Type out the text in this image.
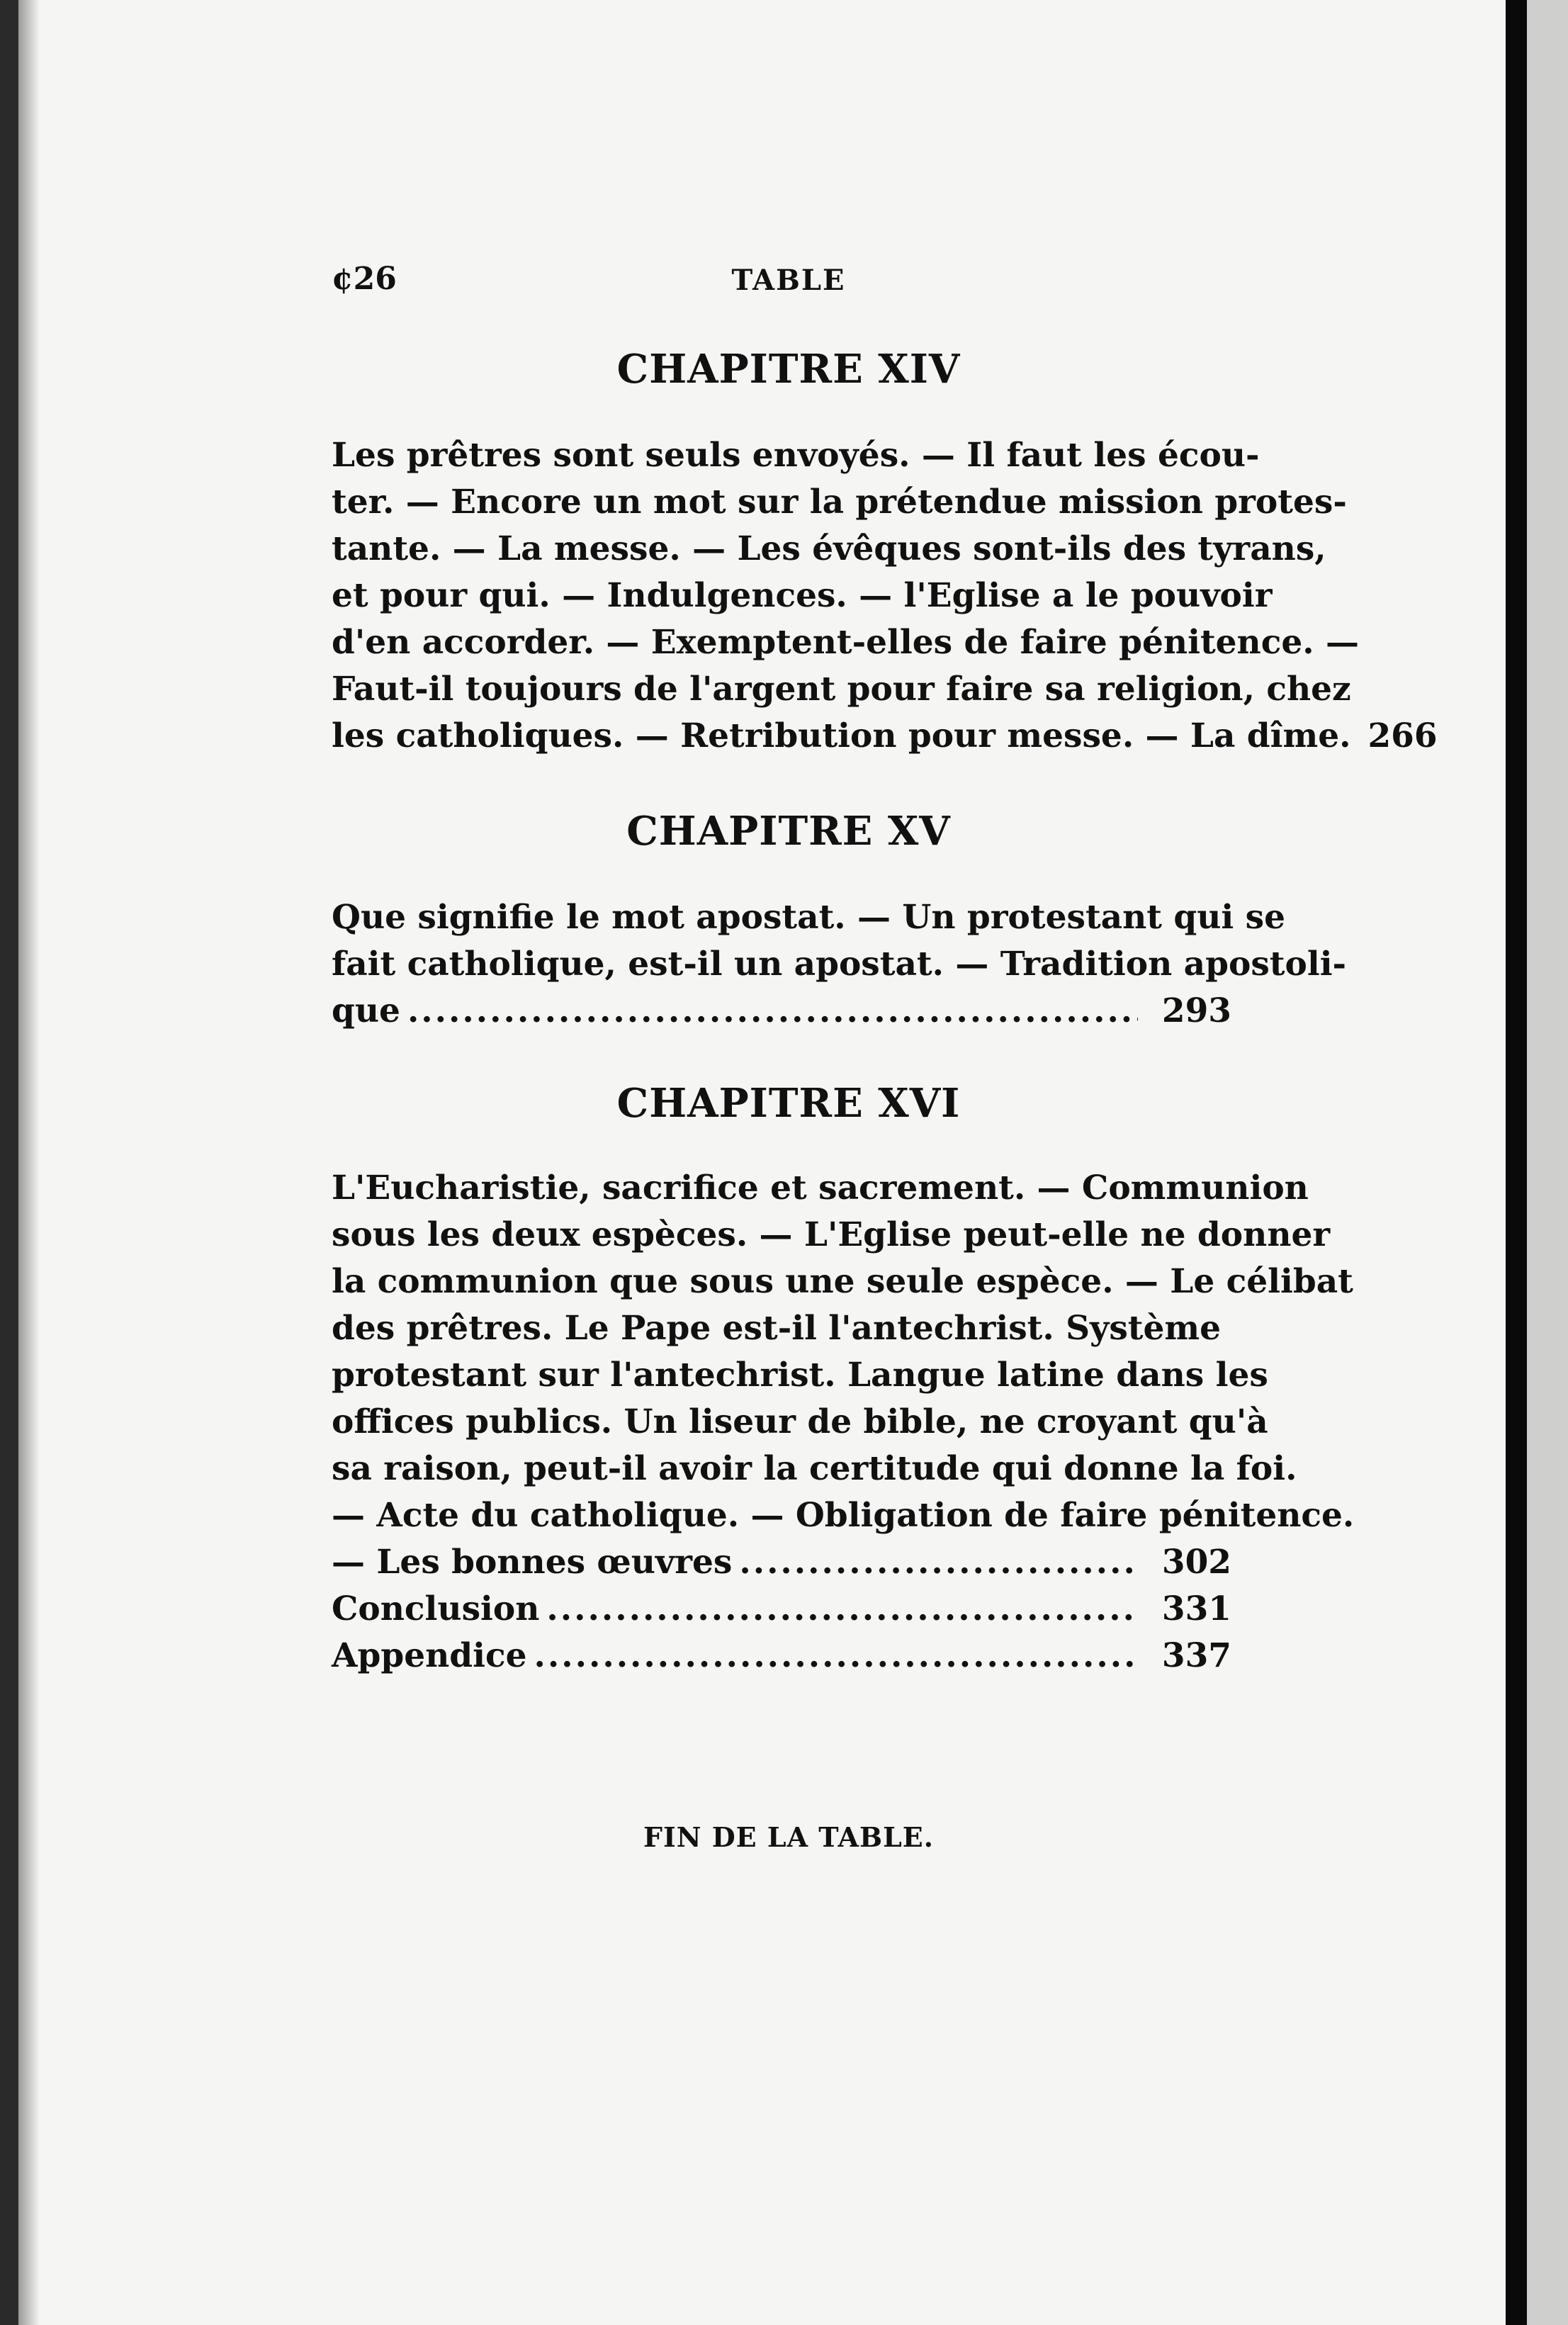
¢26	TABLE
CHAPITRE XIV
Les prêtres sont seuls envoyés. — Il faut les écou-
ter. — Encore un mot sur la prétendue mission protes-
tante. — La messe. — Les évêques sont-ils des tyrans,
et pour qui. — Indulgences. — l'Eglise a le pouvoir
d'en accorder. — Exemptent-elles de faire pénitence. —
Faut-il toujours de l'argent pour faire sa religion, chez
les catholiques. — Retribution pour messe. — La dîme. 266
CHAPITRE XV
Que signifie le mot apostat. — Un protestant qui se
fait catholique, est-il un apostat. — Tradition apostoli-
que .....	293
CHAPITRE XVI
L'Eucharistie, sacrifice et sacrement. — Communion
sous les deux espèces. — L'Eglise peut-elle ne donner
la communion que sous une seule espèce. — Le célibat
des prêtres. Le Pape est-il l'antechrist. Système
protestant sur l'antechrist. Langue latine dans les
offices publics. Un liseur de bible, ne croyant qu'à
sa raison, peut-il avoir la certitude qui donne la foi.
— Acte du catholique. — Obligation de faire pénitence.
— Les bonnes œuvres .....	302
Conclusion .....	331
Appendice .....	337
FIN DE LA TABLE.
